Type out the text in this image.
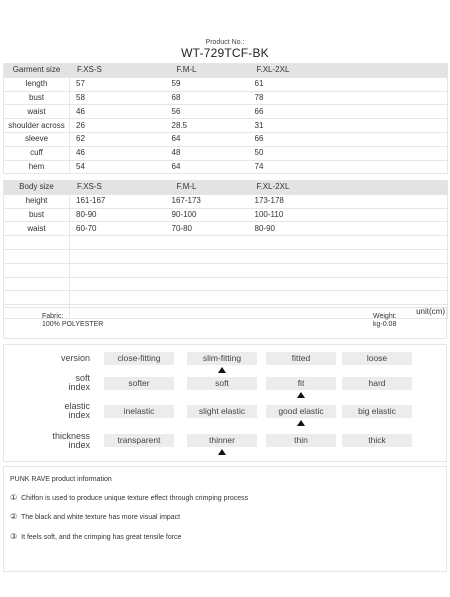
Product No.:
WT-729TCF-BK
Garment size	F.XS-S	F.M-L	F.XL-2XL	
length	57	59	61	
bust	58	68	78	
waist	46	56	66	
shoulder across	26	28.5	31	
sleeve	62	64	66	
cuff	46	48	50	
hem	54	64	74	
Body size	F.XS-S	F.M-L	F.XL-2XL	
height	161-167	167-173	173-178	
bust	80-90	90-100	100-110	
waist	60-70	70-80	80-90	

				unit(cm)
Fabric:
100% POLYESTER
Weight:
kg-0.08
version	close-fitting	slim-fitting	fitted	loose
soft
index	softer	soft	fit	hard
elastic
index	inelastic	slight elastic	good elastic	big elastic
thickness
index	transparent	thinner	thin	thick
PUNK RAVE product information
① Chiffon is used to produce unique texture effect through crimping process
② The black and white texture has more visual impact
③ It feels soft, and the crimping has great tensile force
